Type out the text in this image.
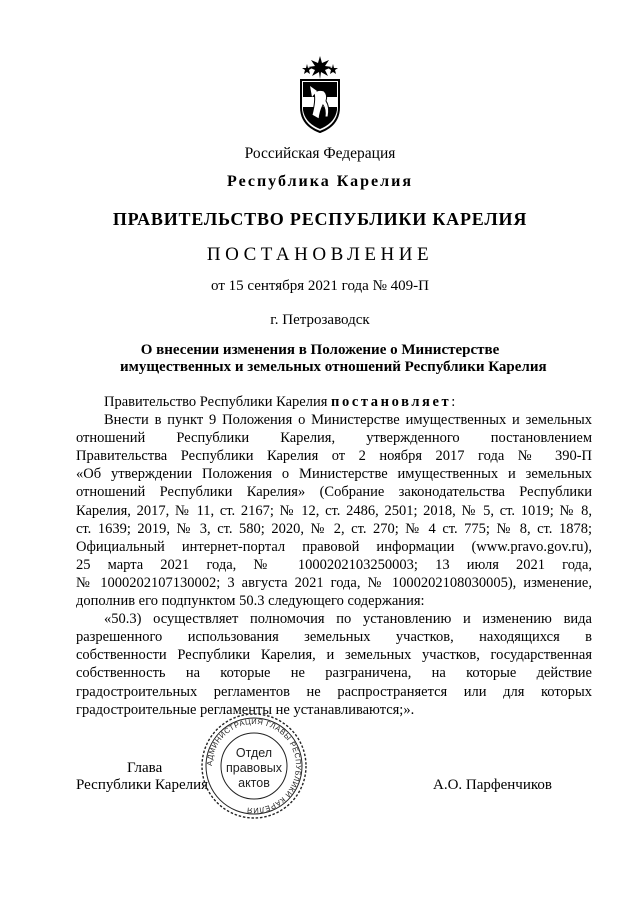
Российская Федерация
Республика Карелия
ПРАВИТЕЛЬСТВО РЕСПУБЛИКИ КАРЕЛИЯ
ПОСТАНОВЛЕНИЕ
от 15 сентября 2021 года № 409-П
г. Петрозаводск
О внесении изменения в Положение о Министерстве
имущественных и земельных отношений Республики Карелия
Правительство Республики Карелия постановляет:
Внести в пункт 9 Положения о Министерстве имущественных и земельных
отношений Республики Карелия, утвержденного постановлением
Правительства Республики Карелия от 2 ноября 2017 года № 390-П
«Об утверждении Положения о Министерстве имущественных и земельных
отношений Республики Карелия» (Собрание законодательства Республики
Карелия, 2017, № 11, ст. 2167; № 12, ст. 2486, 2501; 2018, № 5, ст. 1019; № 8,
ст. 1639; 2019, № 3, ст. 580; 2020, № 2, ст. 270; № 4 ст. 775; № 8, ст. 1878;
Официальный интернет-портал правовой информации (www.pravo.gov.ru),
25 марта 2021 года, № 1000202103250003; 13 июля 2021 года,
№ 1000202107130002; 3 августа 2021 года, № 1000202108030005), изменение,
дополнив его подпунктом 50.3 следующего содержания:
«50.3) осуществляет полномочия по установлению и изменению вида
разрешенного использования земельных участков, находящихся в
собственности Республики Карелия, и земельных участков, государственная
собственность на которые не разграничена, на которые действие
градостроительных регламентов не распространяется или для которых
градостроительные регламенты не устанавливаются;».
Глава
Республики Карелия	А.О. Парфенчиков
АДМИНИСТРАЦИЯ ГЛАВЫ РЕСПУБЛИКИ КАРЕЛИЯ
Отдел
правовых
актов
